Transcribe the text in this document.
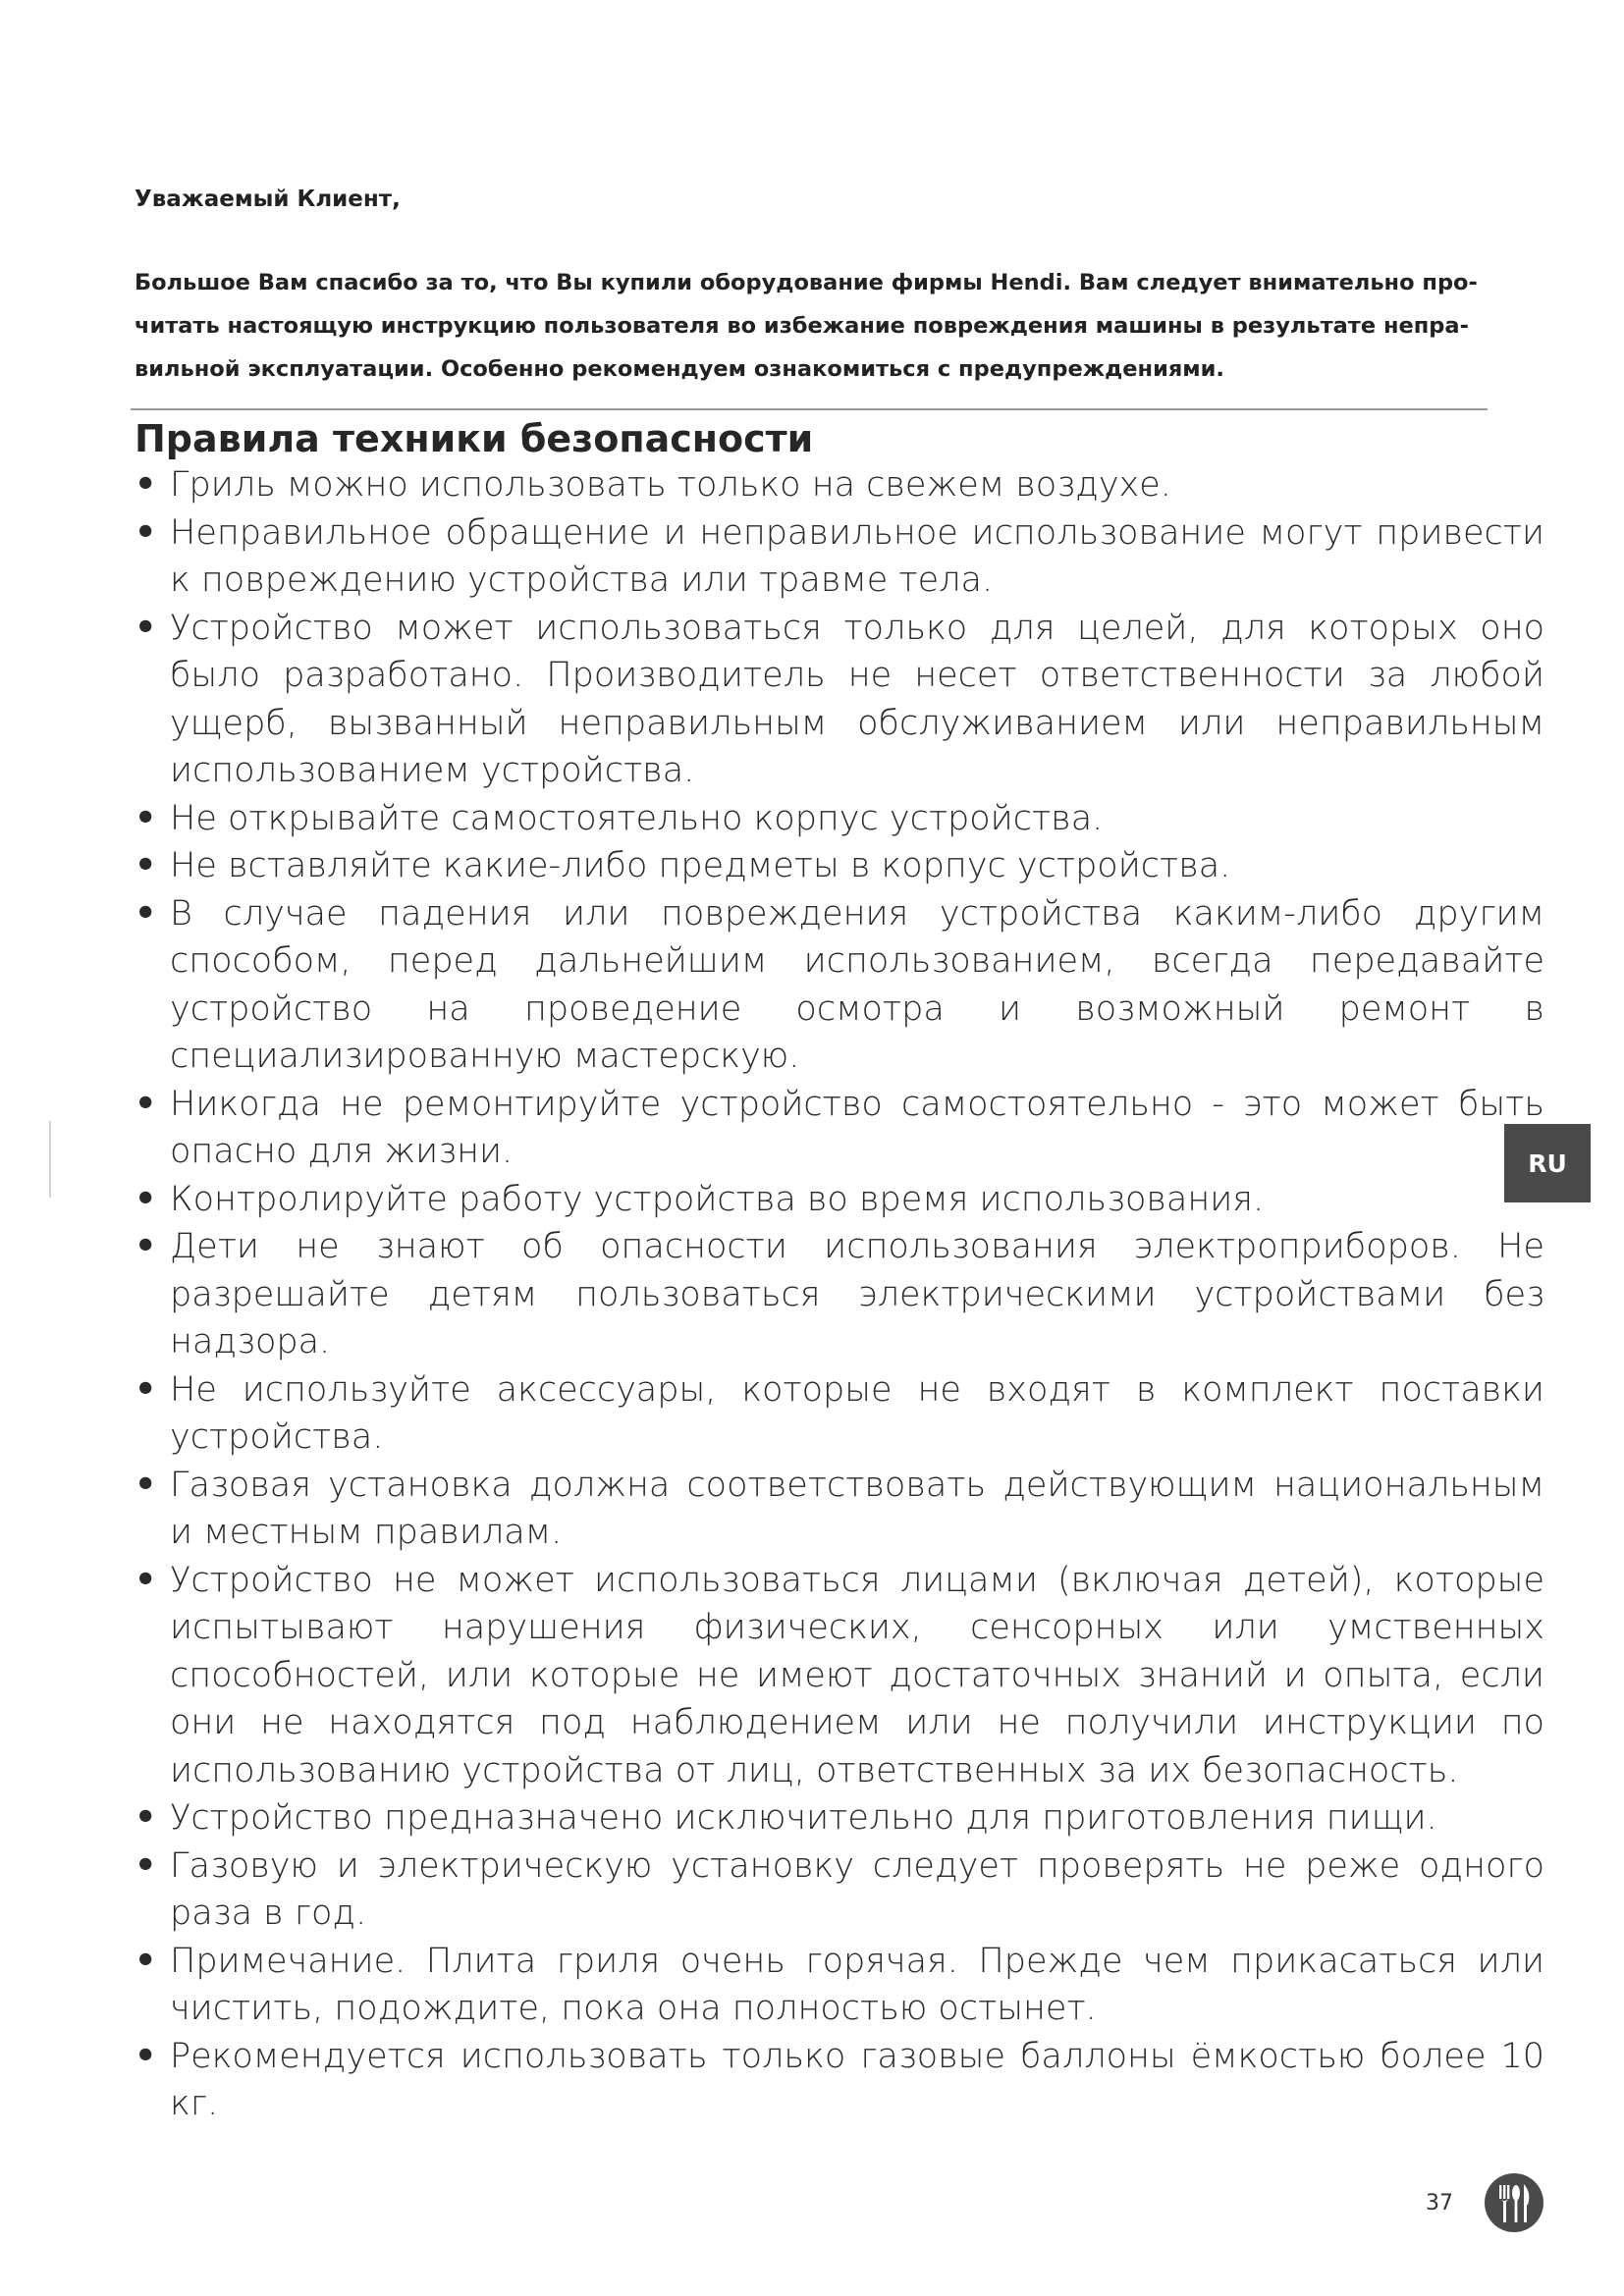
Уважаемый Клиент,
Большое Вам спасибо за то, что Вы купили оборудование фирмы Hendi. Вам следует внимательно про-читать настоящую инструкцию пользователя во избежание повреждения машины в результате непра-вильной эксплуатации. Особенно рекомендуем ознакомиться с предупреждениями.
Правила техники безопасности
• Гриль можно использовать только на свежем воздухе.
• Неправильное обращение и неправильное использование могут привести к повреждению устройства или травме тела.
• Устройство может использоваться только для целей, для которых оно было разработано. Производитель не несет ответственности за любой ущерб, вызванный неправильным обслуживанием или неправильным использованием устройства.
• Не открывайте самостоятельно корпус устройства.
• Не вставляйте какие-либо предметы в корпус устройства.
• В случае падения или повреждения устройства каким-либо другим способом, перед дальнейшим использованием, всегда передавайте устройство на проведение осмотра и возможный ремонт в специализированную мастерскую.
• Никогда не ремонтируйте устройство самостоятельно - это может быть опасно для жизни.
• Контролируйте работу устройства во время использования.
• Дети не знают об опасности использования электроприборов. Не разрешайте детям пользоваться электрическими устройствами без надзора.
• Не используйте аксессуары, которые не входят в комплект поставки устройства.
• Газовая установка должна соответствовать действующим национальным и местным правилам.
• Устройство не может использоваться лицами (включая детей), которые испытывают нарушения физических, сенсорных или умственных способностей, или которые не имеют достаточных знаний и опыта, если они не находятся под наблюдением или не получили инструкции по использованию устройства от лиц, ответственных за их безопасность.
• Устройство предназначено исключительно для приготовления пищи.
• Газовую и электрическую установку следует проверять не реже одного раза в год.
• Примечание. Плита гриля очень горячая. Прежде чем прикасаться или чистить, подождите, пока она полностью остынет.
• Рекомендуется использовать только газовые баллоны ёмкостью более 10 кг.
RU
37
